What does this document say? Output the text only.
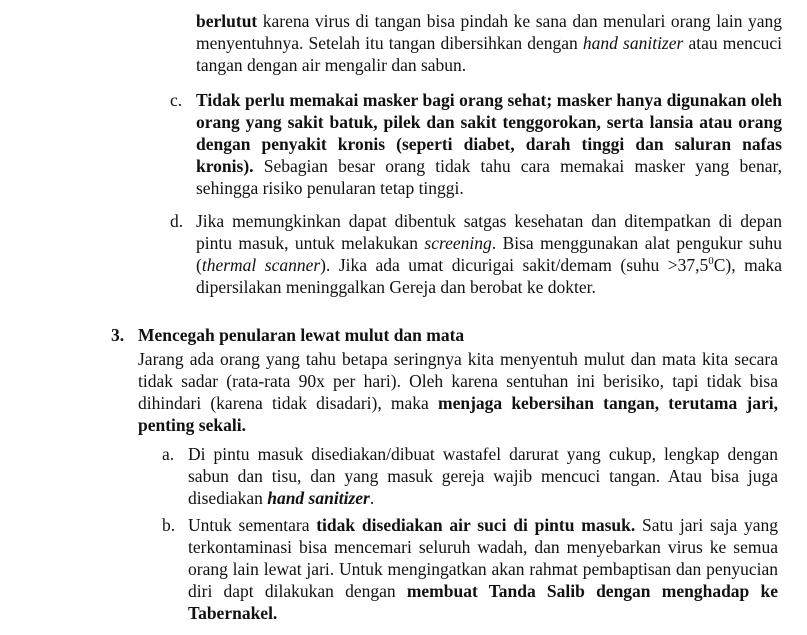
berlutut karena virus di tangan bisa pindah ke sana dan menulari orang lain yang menyentuhnya. Setelah itu tangan dibersihkan dengan hand sanitizer atau mencuci tangan dengan air mengalir dan sabun.

c. Tidak perlu memakai masker bagi orang sehat; masker hanya digunakan oleh orang yang sakit batuk, pilek dan sakit tenggorokan, serta lansia atau orang dengan penyakit kronis (seperti diabet, darah tinggi dan saluran nafas kronis). Sebagian besar orang tidak tahu cara memakai masker yang benar, sehingga risiko penularan tetap tinggi.

d. Jika memungkinkan dapat dibentuk satgas kesehatan dan ditempatkan di depan pintu masuk, untuk melakukan screening. Bisa menggunakan alat pengukur suhu (thermal scanner). Jika ada umat dicurigai sakit/demam (suhu $>37,5^0C$), maka dipersilakan meninggalkan Gereja dan berobat ke dokter.

3. Mencegah penularan lewat mulut dan mata

Jarang ada orang yang tahu betapa seringnya kita menyentuh mulut dan mata kita secara tidak sadar (rata-rata 90x per hari). Oleh karena sentuhan ini berisiko, tapi tidak bisa dihindari (karena tidak disadari), maka menjaga kebersihan tangan, terutama jari, penting sekali.

a. Di pintu masuk disediakan/dibuat wastafel darurat yang cukup, lengkap dengan sabun dan tisu, dan yang masuk gereja wajib mencuci tangan. Atau bisa juga disediakan hand sanitizer.

b. Untuk sementara tidak disediakan air suci di pintu masuk. Satu jari saja yang terkontaminasi bisa mencemari seluruh wadah, dan menyebarkan virus ke semua orang lain lewat jari. Untuk mengingatkan akan rahmat pembaptisan dan penyucian diri dapt dilakukan dengan membuat Tanda Salib dengan menghadap ke Tabernakel.
